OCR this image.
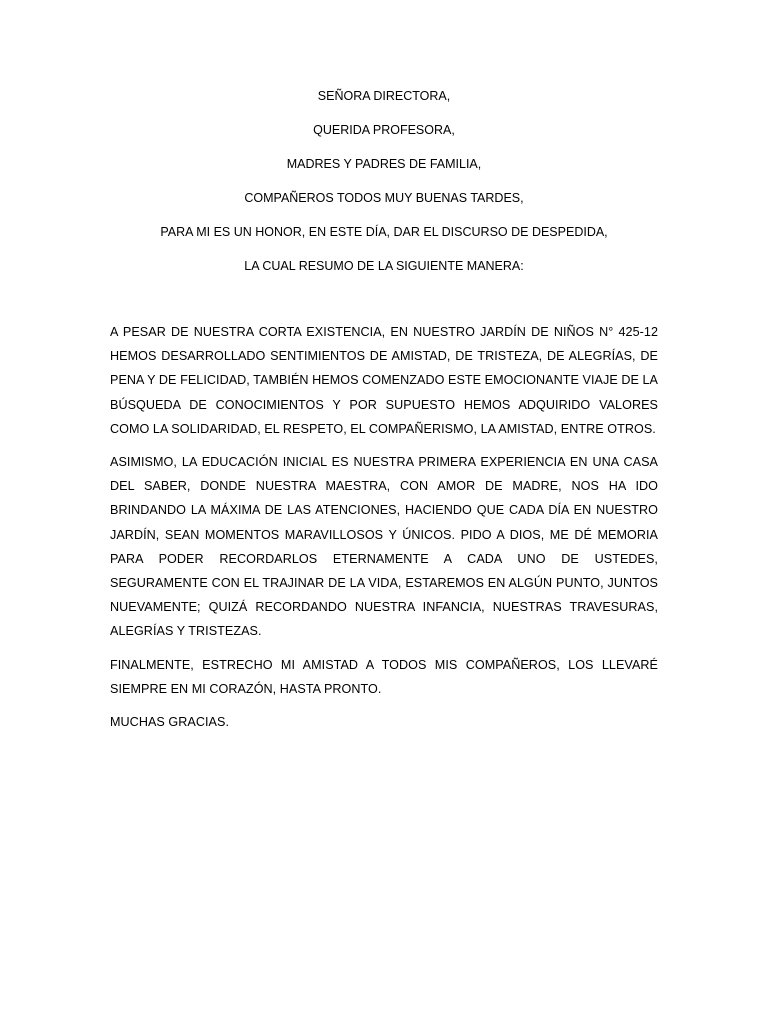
SEÑORA DIRECTORA,
QUERIDA PROFESORA,
MADRES Y PADRES DE FAMILIA,
COMPAÑEROS TODOS MUY BUENAS TARDES,
PARA MI ES UN HONOR, EN ESTE DÍA, DAR EL DISCURSO DE DESPEDIDA,
LA CUAL RESUMO DE LA SIGUIENTE MANERA:

A PESAR DE NUESTRA CORTA EXISTENCIA, EN NUESTRO JARDÍN DE NIÑOS N° 425-12 HEMOS DESARROLLADO SENTIMIENTOS DE AMISTAD, DE TRISTEZA, DE ALEGRÍAS, DE PENA Y DE FELICIDAD, TAMBIÉN HEMOS COMENZADO ESTE EMOCIONANTE VIAJE DE LA BÚSQUEDA DE CONOCIMIENTOS Y POR SUPUESTO HEMOS ADQUIRIDO VALORES COMO LA SOLIDARIDAD, EL RESPETO, EL COMPAÑERISMO, LA AMISTAD, ENTRE OTROS.

ASIMISMO, LA EDUCACIÓN INICIAL ES NUESTRA PRIMERA EXPERIENCIA EN UNA CASA DEL SABER, DONDE NUESTRA MAESTRA, CON AMOR DE MADRE, NOS HA IDO BRINDANDO LA MÁXIMA DE LAS ATENCIONES, HACIENDO QUE CADA DÍA EN NUESTRO JARDÍN, SEAN MOMENTOS MARAVILLOSOS Y ÚNICOS. PIDO A DIOS, ME DÉ MEMORIA PARA PODER RECORDARLOS ETERNAMENTE A CADA UNO DE USTEDES, SEGURAMENTE CON EL TRAJINAR DE LA VIDA, ESTAREMOS EN ALGÚN PUNTO, JUNTOS NUEVAMENTE; QUIZÁ RECORDANDO NUESTRA INFANCIA, NUESTRAS TRAVESURAS, ALEGRÍAS Y TRISTEZAS.

FINALMENTE, ESTRECHO MI AMISTAD A TODOS MIS COMPAÑEROS, LOS LLEVARÉ SIEMPRE EN MI CORAZÓN, HASTA PRONTO.

MUCHAS GRACIAS.
